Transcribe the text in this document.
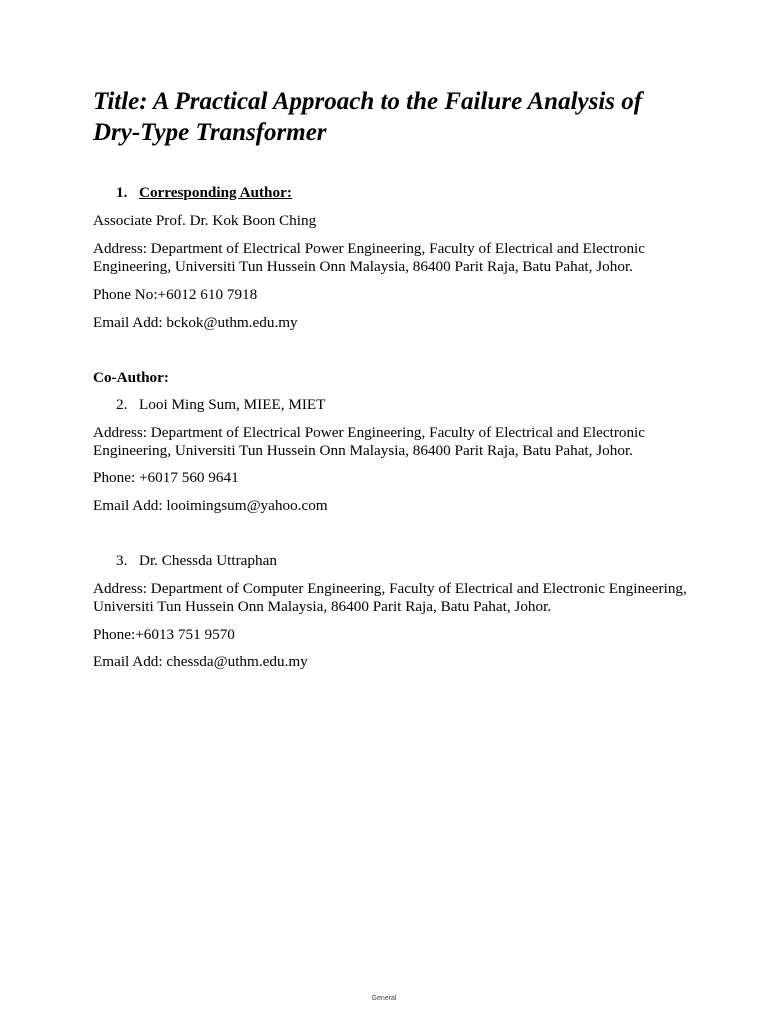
Title: A Practical Approach to the Failure Analysis of Dry-Type Transformer
1. Corresponding Author:

Associate Prof. Dr. Kok Boon Ching

Address: Department of Electrical Power Engineering, Faculty of Electrical and Electronic Engineering, Universiti Tun Hussein Onn Malaysia, 86400 Parit Raja, Batu Pahat, Johor.

Phone No:+6012 610 7918

Email Add: bckok@uthm.edu.my

Co-Author:

2. Looi Ming Sum, MIEE, MIET

Address: Department of Electrical Power Engineering, Faculty of Electrical and Electronic Engineering, Universiti Tun Hussein Onn Malaysia, 86400 Parit Raja, Batu Pahat, Johor.

Phone: +6017 560 9641

Email Add: looimingsum@yahoo.com

3. Dr. Chessda Uttraphan

Address: Department of Computer Engineering, Faculty of Electrical and Electronic Engineering, Universiti Tun Hussein Onn Malaysia, 86400 Parit Raja, Batu Pahat, Johor.

Phone:+6013 751 9570

Email Add: chessda@uthm.edu.my

General
